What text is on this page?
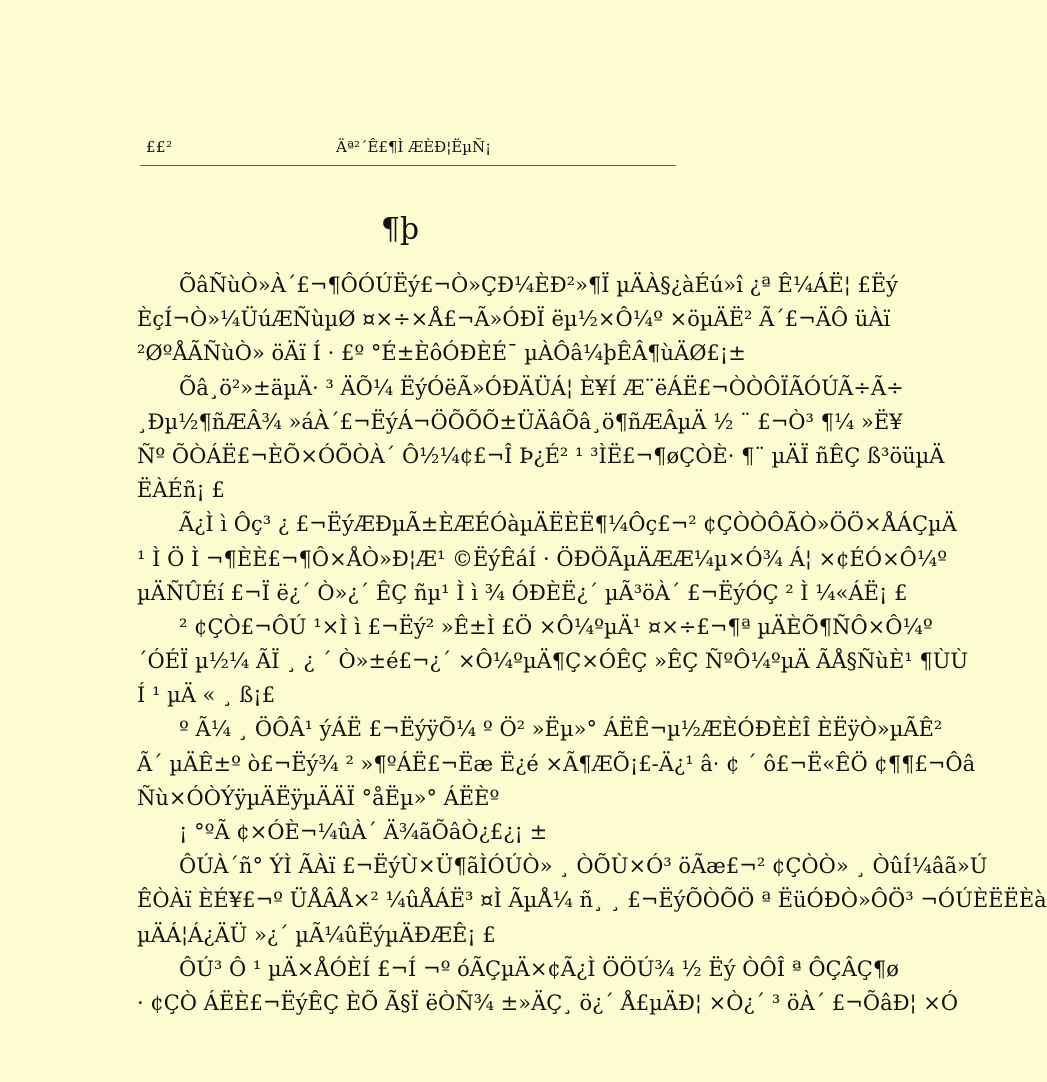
££²	Äª²´Ê£¶Ì ÆÈÐ¦ËµÑ¡
¶þ
ÕâÑùÒ»À´£¬¶ÔÓÚËý£¬Ò»ÇÐ¼ÈÐ²»¶Ï µÄÀ§¿àÉú»î ¿ª Ê¼ÁË¦ £Ëý
ÈçÍ¬Ò»¼ÜúÆÑùµØ ¤×÷×Å£¬Ã»ÓÐÏ ëµ½×Ô¼º ×öµÄË² Ã´£¬ÄÔ üÀï
²ØºÅÃÑùÒ» öÄï Í · £º °É±ÈôÓÐÈÉ¯ µÀÔâ¼þÊÂ¶ùÄØ£¡±
Õâ¸ö²»±äµÄ· ³ ÄÕ¼ ËýÓëÃ»ÓÐÄÜÁ¦ È¥Í Æ¨ëÁË£¬ÒÒÔÏÃÓÚÃ÷Ã÷
¸Ðµ½¶ñÆÂ¾ »áÀ´£¬ËýÁ¬ÖÕÕÕ±ÜÄâÕâ¸ö¶ñÆÂµÄ ½ ¨ £¬Ò³ ¶¼ »Ë¥
Ñº ÕÒÁË£¬ÈÕ×ÓÕÒÀ´ Ô½¼¢£¬Î Þ¿É² ¹ ³ÌË£¬¶øÇÒÈ· ¶¨ µÄÏ ñÊÇ ß³öüµÄ
ËÀÉñ¡ £
Ã¿Ì ì Ôç³ ¿ £¬ËýÆÐµÃ±ÈÆÉÓàµÄËÈË¶¼Ôç£¬² ¢ÇÒÒÔÃÒ»ÖÖ×ÅÁÇµÄ
¹ Ì Ö Ì ¬¶ÈÈ£¬¶Ô×ÅÒ»Ð¦Æ¹ ©ËýÊáÍ · ÖÐÖÃµÄÆÆ¼µ×Ó¾ Á¦ ×¢ÉÓ×Ô¼º
µÄÑÛÉí £¬Ï ë¿´ Ò»¿´ ÊÇ ñµ¹ Ì ì ¾ ÓÐÈË¿´ µÃ³öÀ´ £¬ËýÓÇ ² Ì ¼«ÁË¡ £
² ¢ÇÒ£¬ÔÚ ¹×Ì ì £¬Ëý² »Ê±Ì £Ö ×Ô¼ºµÄ¹ ¤×÷£¬¶ª µÄÈÕ¶ÑÔ×Ô¼º
´ÓÉÏ µ½¼ ÃÏ ¸ ¿ ´ Ò»±é£¬¿´ ×Ô¼ºµÄ¶Ç×ÓÊÇ »ÊÇ ÑºÔ¼ºµÄ ÃÅ§ÑùÈ¹ ¶ÙÙ
Í ¹ µÄ « ¸ ß¡£
º Ã¼ ¸ ÖÔÂ¹ ýÁË £¬ËýÿÕ¼ º Ö² »Ëµ»° ÁËÊ¬µ½ÆÈÓÐÈÈÎ ÈËÿÒ»µÃÊ²
Ã´ µÄÊ±º ò£¬Ëý¾ ² »¶ºÁË£¬Ëæ Ë¿é ×Ã¶ÆÕ¡£-Ä¿¹ â· ¢ ´ ô£¬Ë«ÊÖ ¢¶¶£¬Ôâ
Ñù×ÓÒÝÿµÄËÿµÄÄÏ °åËµ»° ÁËÈº
¡ °ºÃ ¢×ÓÈ¬¼ûÀ´ Ä¾ãÕâÒ¿£¿¡ ±
ÔÚÀ´ñ° ÝÌ ÃÀï £¬ËýÙ×Ü¶ãÌÓÚÒ» ¸ ÒÕÙ×Ó³ öÃæ£¬² ¢ÇÒÒ» ¸ ÒûÍ¼âã»Ú
ÊÒÀï ÈÉ¥£¬º ÜÅÂÅ×² ¼ûÅÁË³ ¤Ì ÃµÅ¼ ñ¸ ¸ £¬ËýÕÒÕÖ ª ËüÓÐÒ»ÔÖ³ ¬ÓÚÈËËÈà
µÄÁ¦Á¿ÄÜ »¿´ µÃ¼ûËýµÄÐÆÊ¡ £
ÔÚ³ Ô ¹ µÄ×ÅÓÈÍ £¬Í ¬º óÃÇµÄ×¢Ã¿Ì ÖÖÚ¾ ½ Ëý ÒÔÎ ª ÔÇÂÇ¶ø
· ¢ÇÒ ÁËÈ£¬ËýÊÇ ÈÕ Ã§Ï ëÒÑ¾ ±»ÄÇ¸ ö¿´ Å£µÄÐ¦ ×Ò¿´ ³ öÀ´ £¬ÕâÐ¦ ×Ó
